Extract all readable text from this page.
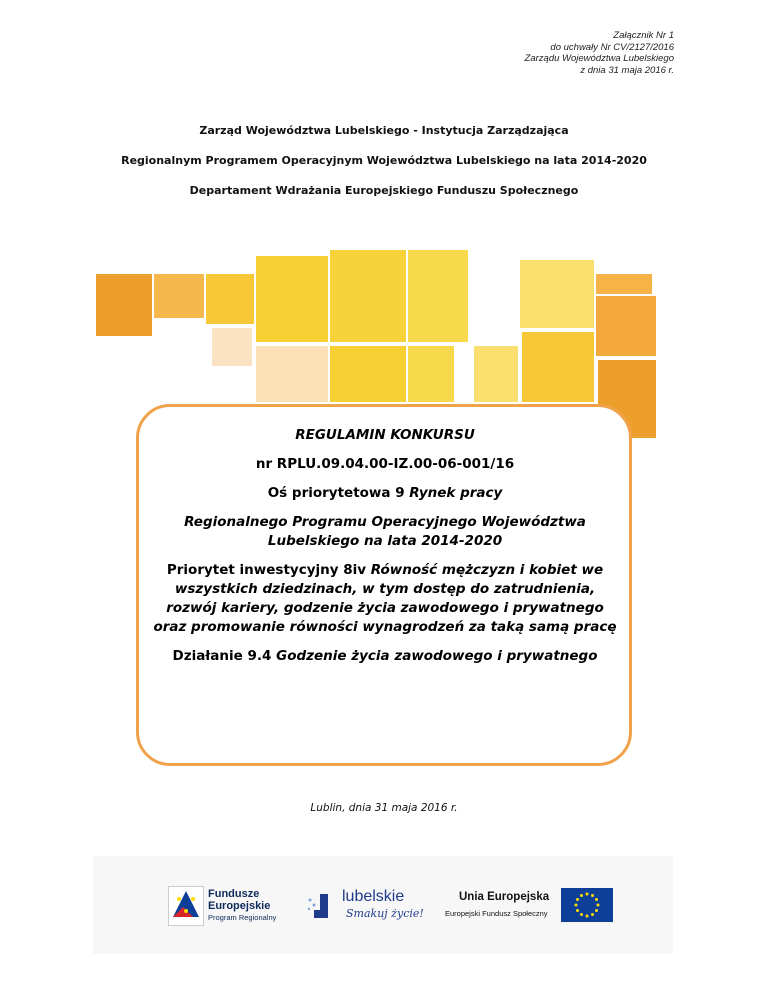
Załącznik Nr 1
do uchwały Nr CV/2127/2016
Zarządu Województwa Lubelskiego
z dnia 31 maja 2016 r.
Zarząd Województwa Lubelskiego - Instytucja Zarządzająca
Regionalnym Programem Operacyjnym Województwa Lubelskiego na lata 2014-2020
Departament Wdrażania Europejskiego Funduszu Społecznego
REGULAMIN KONKURSU
nr RPLU.09.04.00-IZ.00-06-001/16
Oś priorytetowa 9 Rynek pracy
Regionalnego Programu Operacyjnego Województwa Lubelskiego na lata 2014-2020
Priorytet inwestycyjny 8iv Równość mężczyzn i kobiet we wszystkich dziedzinach, w tym dostęp do zatrudnienia, rozwój kariery, godzenie życia zawodowego i prywatnego oraz promowanie równości wynagrodzeń za taką samą pracę
Działanie 9.4 Godzenie życia zawodowego i prywatnego
Lublin, dnia 31 maja 2016 r.
Fundusze
Europejskie
Program Regionalny
lubelskie
Smakuj życie!
Unia Europejska
Europejski Fundusz Społeczny
